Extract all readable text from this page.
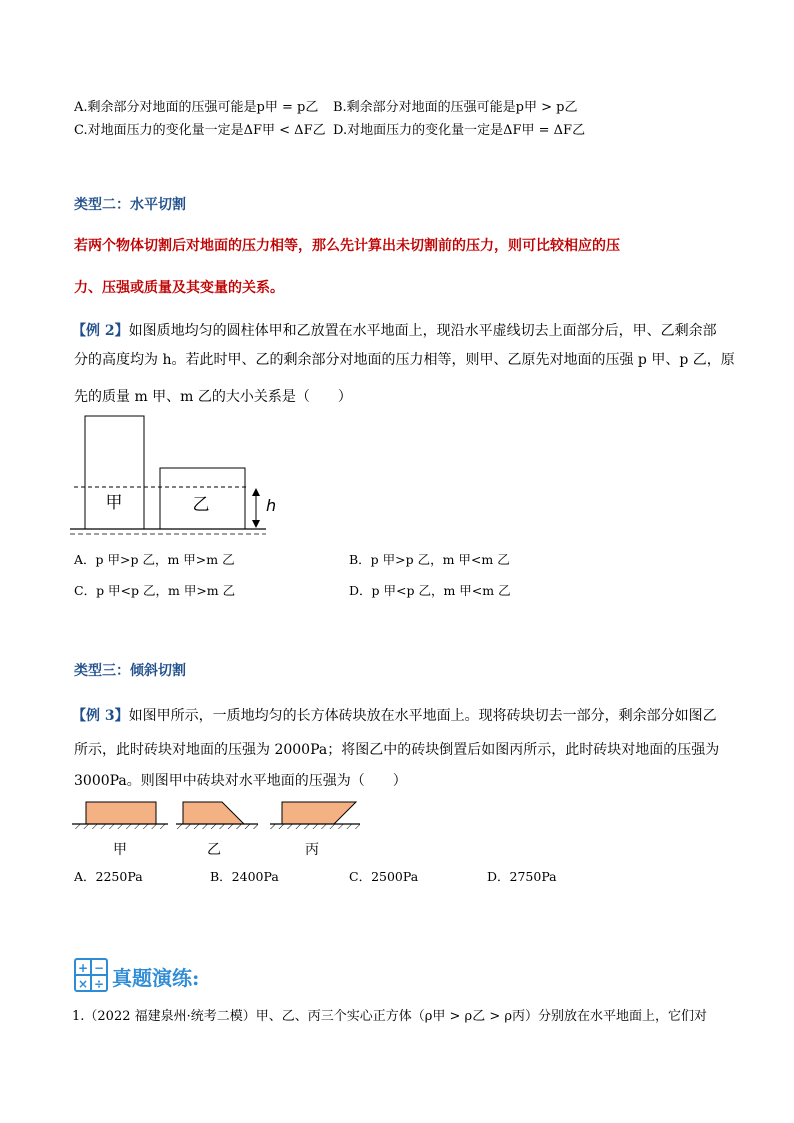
A.剩余部分对地面的压强可能是p甲 = p乙 B.剩余部分对地面的压强可能是p甲 > p乙
C.对地面压力的变化量一定是ΔF甲 < ΔF乙 D.对地面压力的变化量一定是ΔF甲 = ΔF乙
类型二：水平切割
若两个物体切割后对地面的压力相等，那么先计算出未切割前的压力，则可比较相应的压
力、压强或质量及其变量的关系。
【例 2】如图质地均匀的圆柱体甲和乙放置在水平地面上，现沿水平虚线切去上面部分后，甲、乙剩余部
分的高度均为 h。若此时甲、乙的剩余部分对地面的压力相等，则甲、乙原先对地面的压强 p 甲、p 乙，原
先的质量 m 甲、m 乙的大小关系是（　　）
甲	乙	h
A．p 甲>p 乙，m 甲>m 乙	B．p 甲>p 乙，m 甲<m 乙
C．p 甲<p 乙，m 甲>m 乙	D．p 甲<p 乙，m 甲<m 乙
类型三：倾斜切割
【例 3】如图甲所示，一质地均匀的长方体砖块放在水平地面上。现将砖块切去一部分，剩余部分如图乙
所示，此时砖块对地面的压强为 2000Pa；将图乙中的砖块倒置后如图丙所示，此时砖块对地面的压强为
3000Pa。则图甲中砖块对水平地面的压强为（　　）
甲	乙	丙
A．2250Pa	B．2400Pa	C．2500Pa	D．2750Pa
+ −
× ÷ 真题演练:
1.（2022 福建泉州·统考二模）甲、乙、丙三个实心正方体（ρ甲 > ρ乙 > ρ丙）分别放在水平地面上，它们对
